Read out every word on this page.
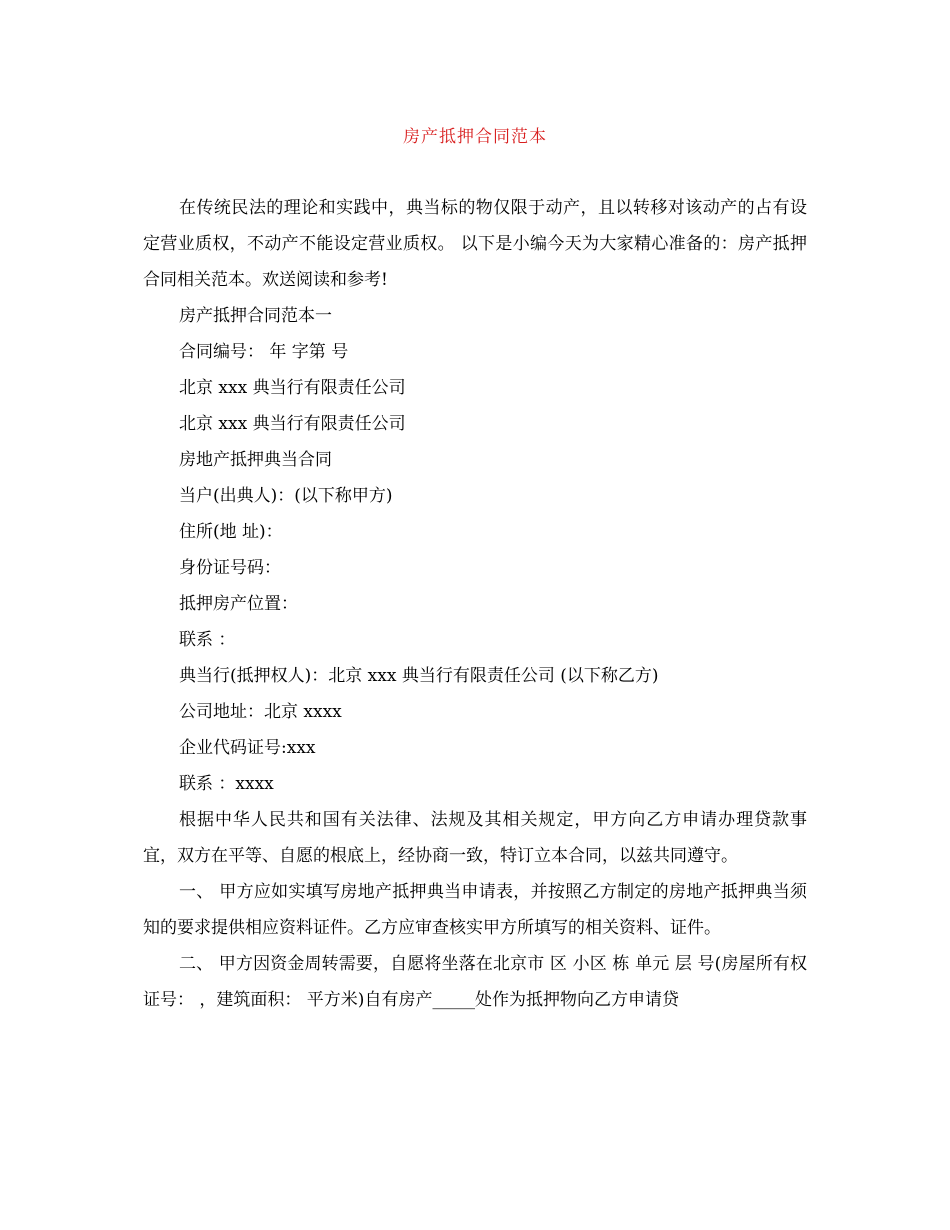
房产抵押合同范本

在传统民法的理论和实践中，典当标的物仅限于动产，且以转移对该动产的占有设定营业质权，不动产不能设定营业质权。 以下是小编今天为大家精心准备的：房产抵押合同相关范本。欢送阅读和参考!

房产抵押合同范本一

合同编号： 年 字第 号

北京 xxx 典当行有限责任公司

北京 xxx 典当行有限责任公司

房地产抵押典当合同

当户(出典人)：(以下称甲方)

住所(地 址)：

身份证号码：

抵押房产位置：

联系 ：

典当行(抵押权人)：北京 xxx 典当行有限责任公司 (以下称乙方)

公司地址：北京 xxxx

企业代码证号:xxx

联系 ：xxxx

根据中华人民共和国有关法律、法规及其相关规定，甲方向乙方申请办理贷款事宜，双方在平等、自愿的根底上，经协商一致，特订立本合同，以兹共同遵守。

一、 甲方应如实填写房地产抵押典当申请表，并按照乙方制定的房地产抵押典当须知的要求提供相应资料证件。乙方应审查核实甲方所填写的相关资料、证件。

二、 甲方因资金周转需要，自愿将坐落在北京市 区 小区 栋 单元 层 号(房屋所有权证号： ，建筑面积： 平方米)自有房产_____处作为抵押物向乙方申请贷
